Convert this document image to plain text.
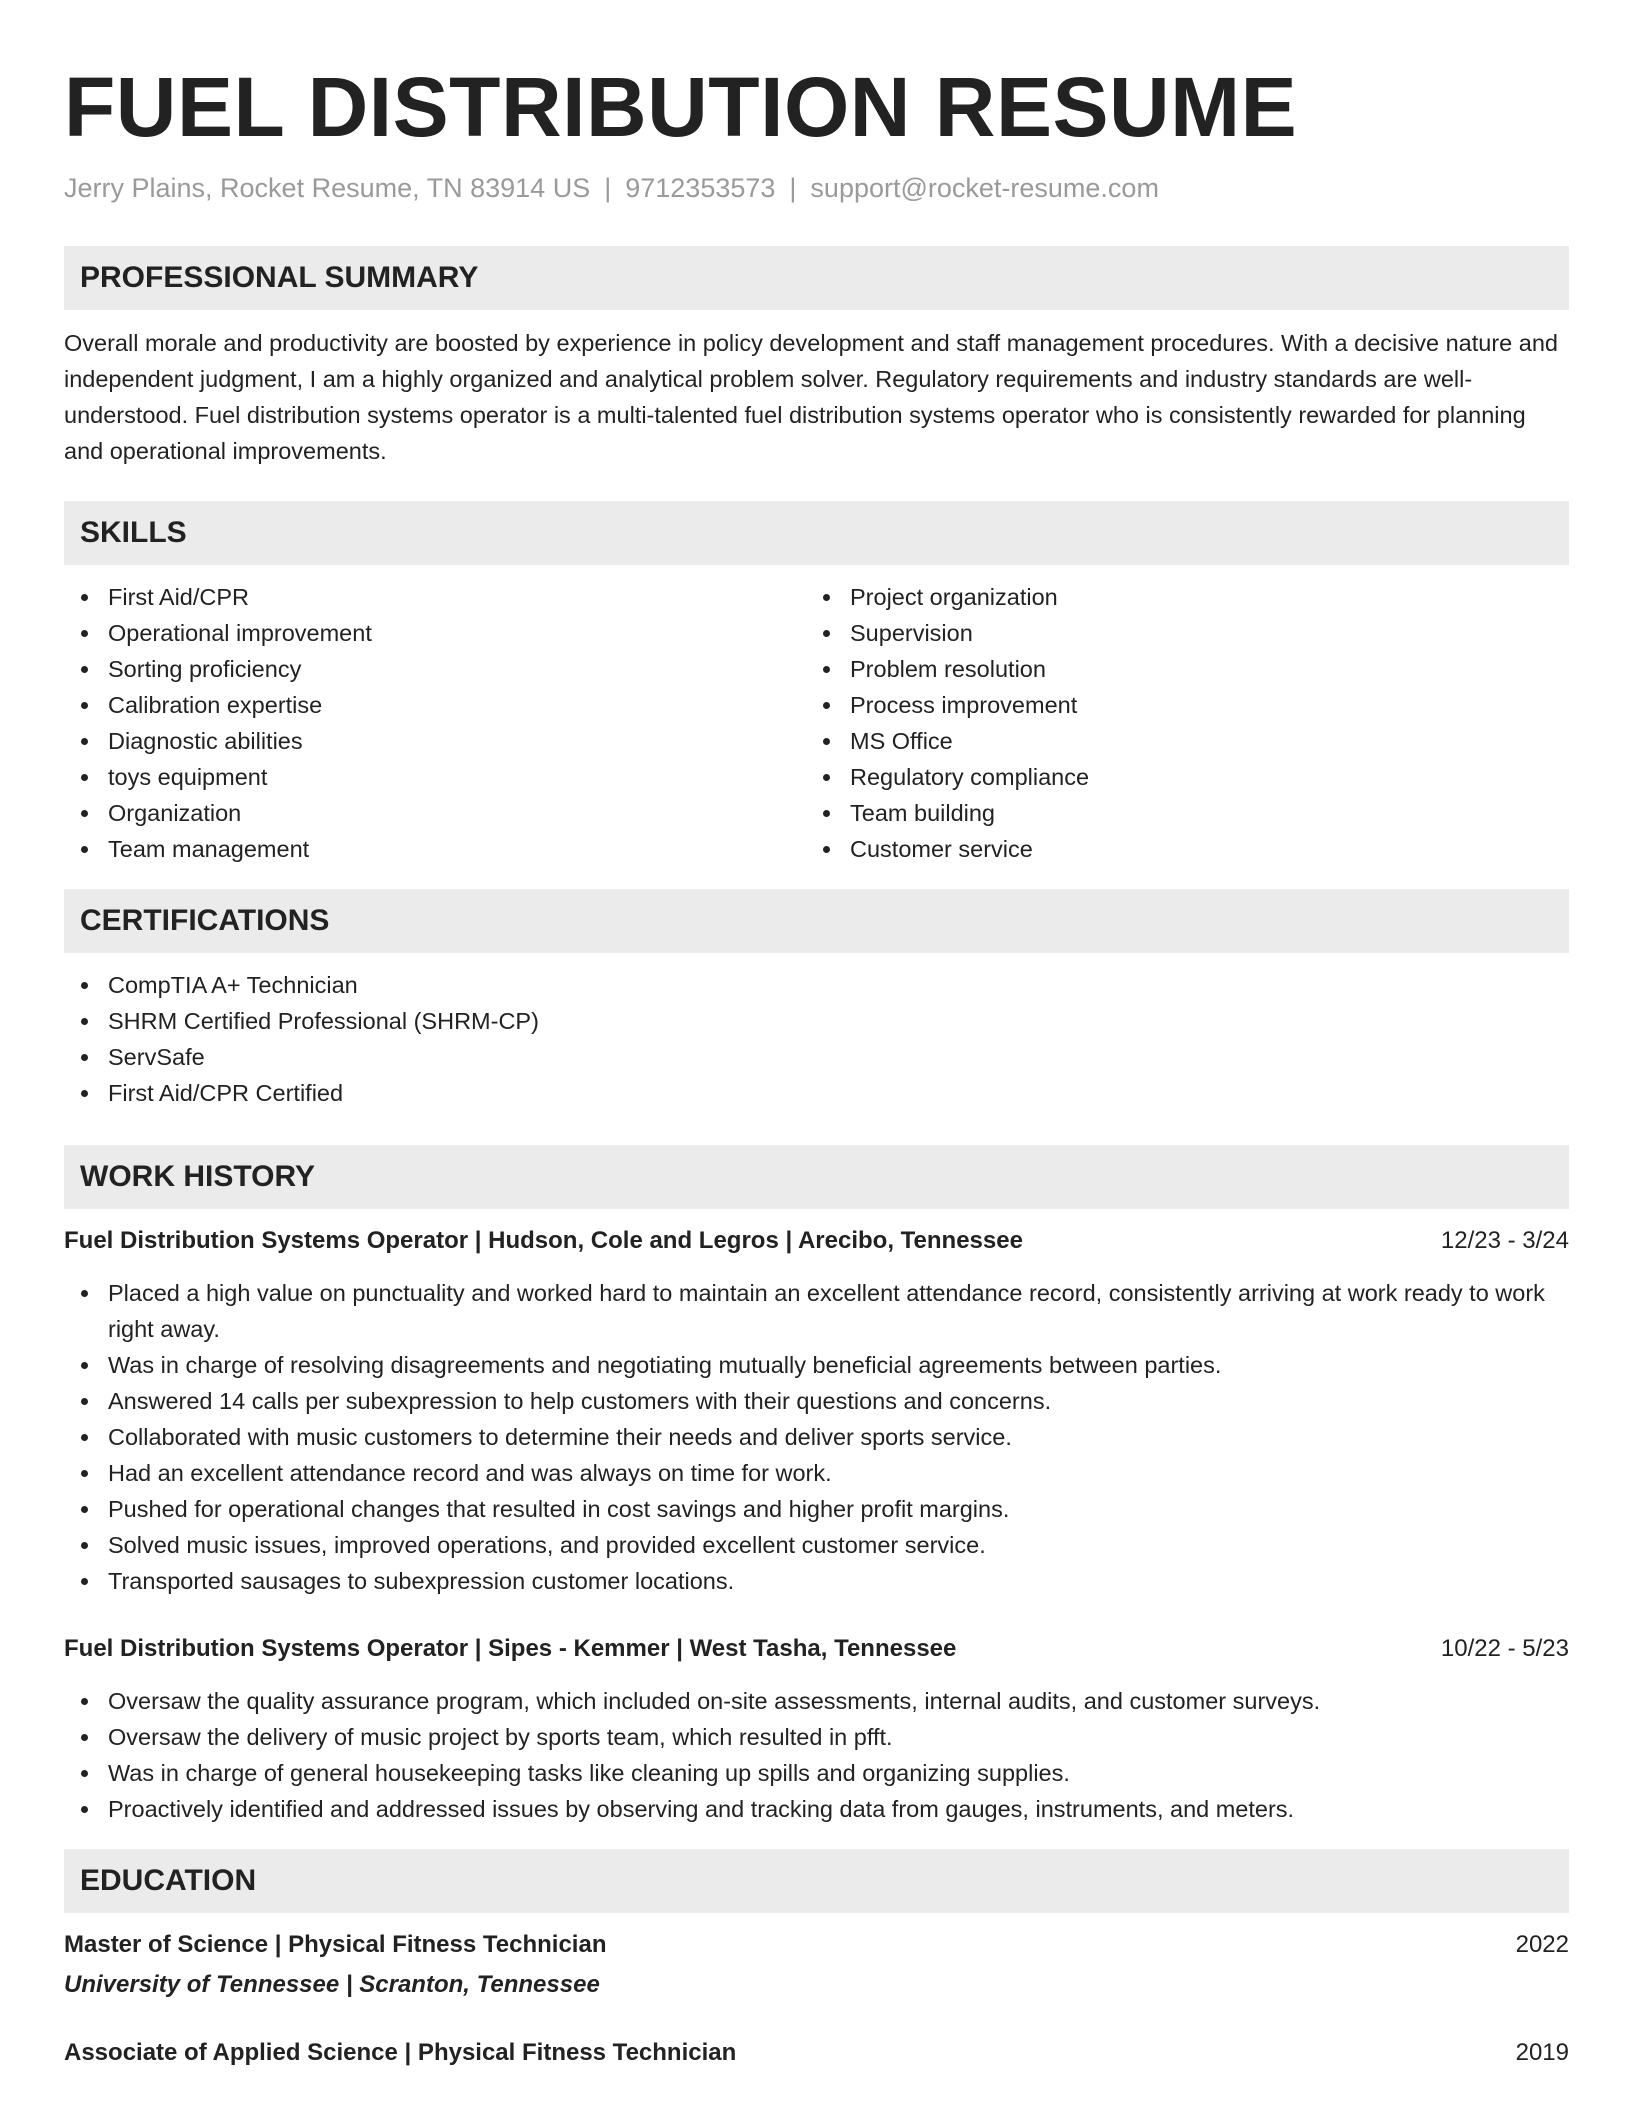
FUEL DISTRIBUTION RESUME
Jerry Plains, Rocket Resume, TN 83914 US | 9712353573 | support@rocket-resume.com
PROFESSIONAL SUMMARY

Overall morale and productivity are boosted by experience in policy development and staff management procedures. With a decisive nature and independent judgment, I am a highly organized and analytical problem solver. Regulatory requirements and industry standards are well-understood. Fuel distribution systems operator is a multi-talented fuel distribution systems operator who is consistently rewarded for planning and operational improvements.

SKILLS
First Aid/CPR
Operational improvement
Sorting proficiency
Calibration expertise
Diagnostic abilities
toys equipment
Organization
Team management
Project organization
Supervision
Problem resolution
Process improvement
MS Office
Regulatory compliance
Team building
Customer service
CERTIFICATIONS
CompTIA A+ Technician
SHRM Certified Professional (SHRM-CP)
ServSafe
First Aid/CPR Certified
WORK HISTORY
Fuel Distribution Systems Operator | Hudson, Cole and Legros | Arecibo, Tennessee	12/23 - 3/24
Placed a high value on punctuality and worked hard to maintain an excellent attendance record, consistently arriving at work ready to work right away.
Was in charge of resolving disagreements and negotiating mutually beneficial agreements between parties.
Answered 14 calls per subexpression to help customers with their questions and concerns.
Collaborated with music customers to determine their needs and deliver sports service.
Had an excellent attendance record and was always on time for work.
Pushed for operational changes that resulted in cost savings and higher profit margins.
Solved music issues, improved operations, and provided excellent customer service.
Transported sausages to subexpression customer locations.
Fuel Distribution Systems Operator | Sipes - Kemmer | West Tasha, Tennessee	10/22 - 5/23
Oversaw the quality assurance program, which included on-site assessments, internal audits, and customer surveys.
Oversaw the delivery of music project by sports team, which resulted in pfft.
Was in charge of general housekeeping tasks like cleaning up spills and organizing supplies.
Proactively identified and addressed issues by observing and tracking data from gauges, instruments, and meters.
EDUCATION
Master of Science | Physical Fitness Technician	2022
University of Tennessee | Scranton, Tennessee
Associate of Applied Science | Physical Fitness Technician	2019
